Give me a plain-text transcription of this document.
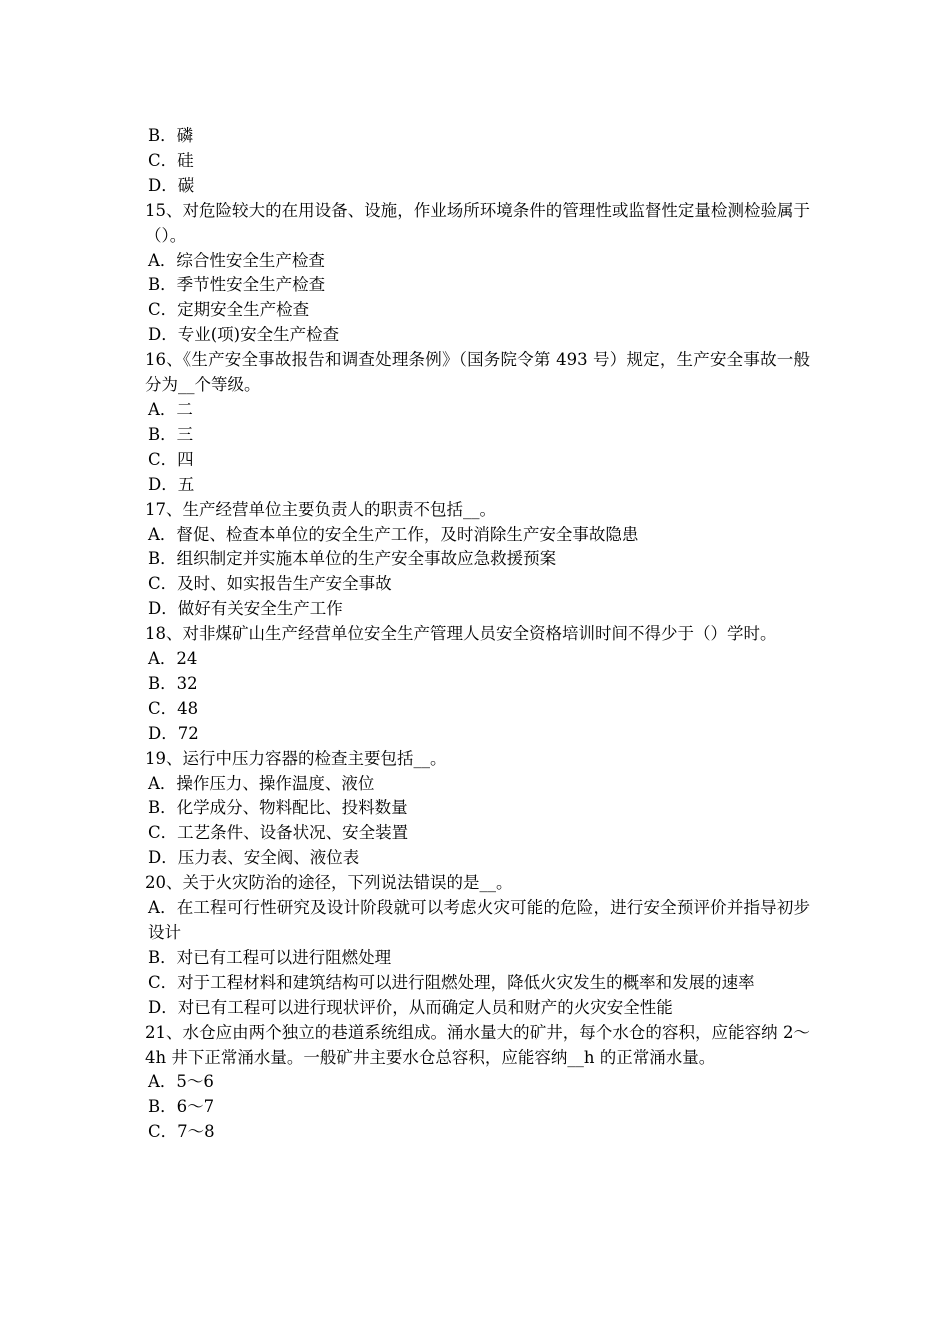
B．磷
C．硅
D．碳
15、对危险较大的在用设备、设施，作业场所环境条件的管理性或监督性定量检测检验属于（）。
A．综合性安全生产检查
B．季节性安全生产检查
C．定期安全生产检查
D．专业(项)安全生产检查
16、《生产安全事故报告和调查处理条例》（国务院令第 493 号）规定，生产安全事故一般分为__个等级。
A．二
B．三
C．四
D．五
17、生产经营单位主要负责人的职责不包括__。
A．督促、检查本单位的安全生产工作，及时消除生产安全事故隐患
B．组织制定并实施本单位的生产安全事故应急救援预案
C．及时、如实报告生产安全事故
D．做好有关安全生产工作
18、对非煤矿山生产经营单位安全生产管理人员安全资格培训时间不得少于（）学时。
A．24
B．32
C．48
D．72
19、运行中压力容器的检查主要包括__。
A．操作压力、操作温度、液位
B．化学成分、物料配比、投料数量
C．工艺条件、设备状况、安全装置
D．压力表、安全阀、液位表
20、关于火灾防治的途径，下列说法错误的是__。
A．在工程可行性研究及设计阶段就可以考虑火灾可能的危险，进行安全预评价并指导初步设计
B．对已有工程可以进行阻燃处理
C．对于工程材料和建筑结构可以进行阻燃处理，降低火灾发生的概率和发展的速率
D．对已有工程可以进行现状评价，从而确定人员和财产的火灾安全性能
21、水仓应由两个独立的巷道系统组成。涌水量大的矿井，每个水仓的容积，应能容纳 2～4h 井下正常涌水量。一般矿井主要水仓总容积，应能容纳__h 的正常涌水量。
A．5～6
B．6～7
C．7～8
